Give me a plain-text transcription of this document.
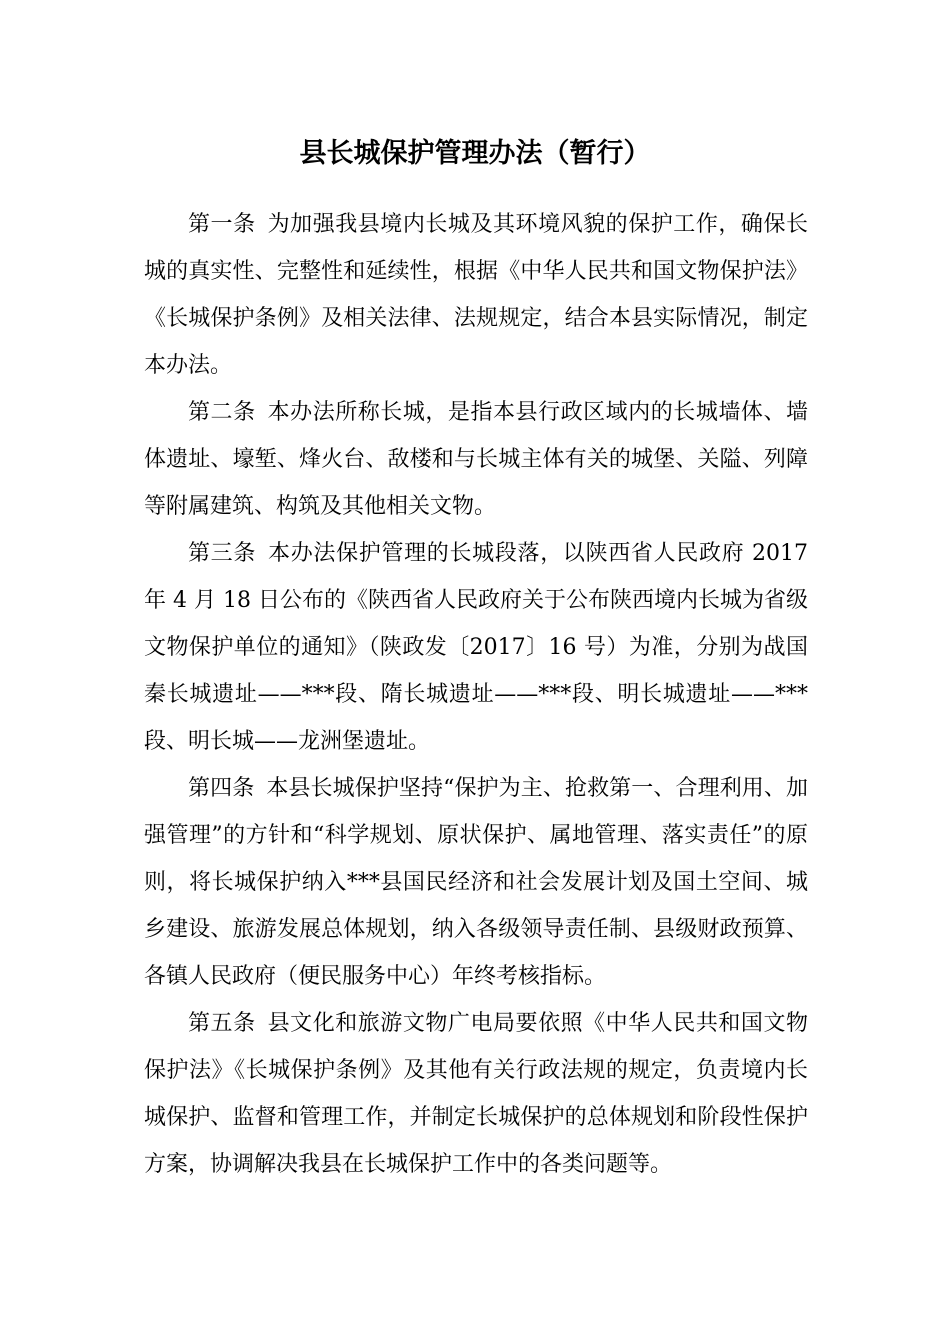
县长城保护管理办法（暂行）

第一条 为加强我县境内长城及其环境风貌的保护工作，确保长城的真实性、完整性和延续性，根据《中华人民共和国文物保护法》《长城保护条例》及相关法律、法规规定，结合本县实际情况，制定本办法。

第二条 本办法所称长城，是指本县行政区域内的长城墙体、墙体遗址、壕堑、烽火台、敌楼和与长城主体有关的城堡、关隘、列障等附属建筑、构筑及其他相关文物。

第三条 本办法保护管理的长城段落，以陕西省人民政府 2017 年 4 月 18 日公布的《陕西省人民政府关于公布陕西境内长城为省级文物保护单位的通知》（陕政发〔2017〕16 号）为准，分别为战国秦长城遗址——***段、隋长城遗址——***段、明长城遗址——***段、明长城——龙洲堡遗址。

第四条 本县长城保护坚持“保护为主、抢救第一、合理利用、加强管理”的方针和“科学规划、原状保护、属地管理、落实责任”的原则，将长城保护纳入***县国民经济和社会发展计划及国土空间、城乡建设、旅游发展总体规划，纳入各级领导责任制、县级财政预算、各镇人民政府（便民服务中心）年终考核指标。

第五条 县文化和旅游文物广电局要依照《中华人民共和国文物保护法》《长城保护条例》及其他有关行政法规的规定，负责境内长城保护、监督和管理工作，并制定长城保护的总体规划和阶段性保护方案，协调解决我县在长城保护工作中的各类问题等。
